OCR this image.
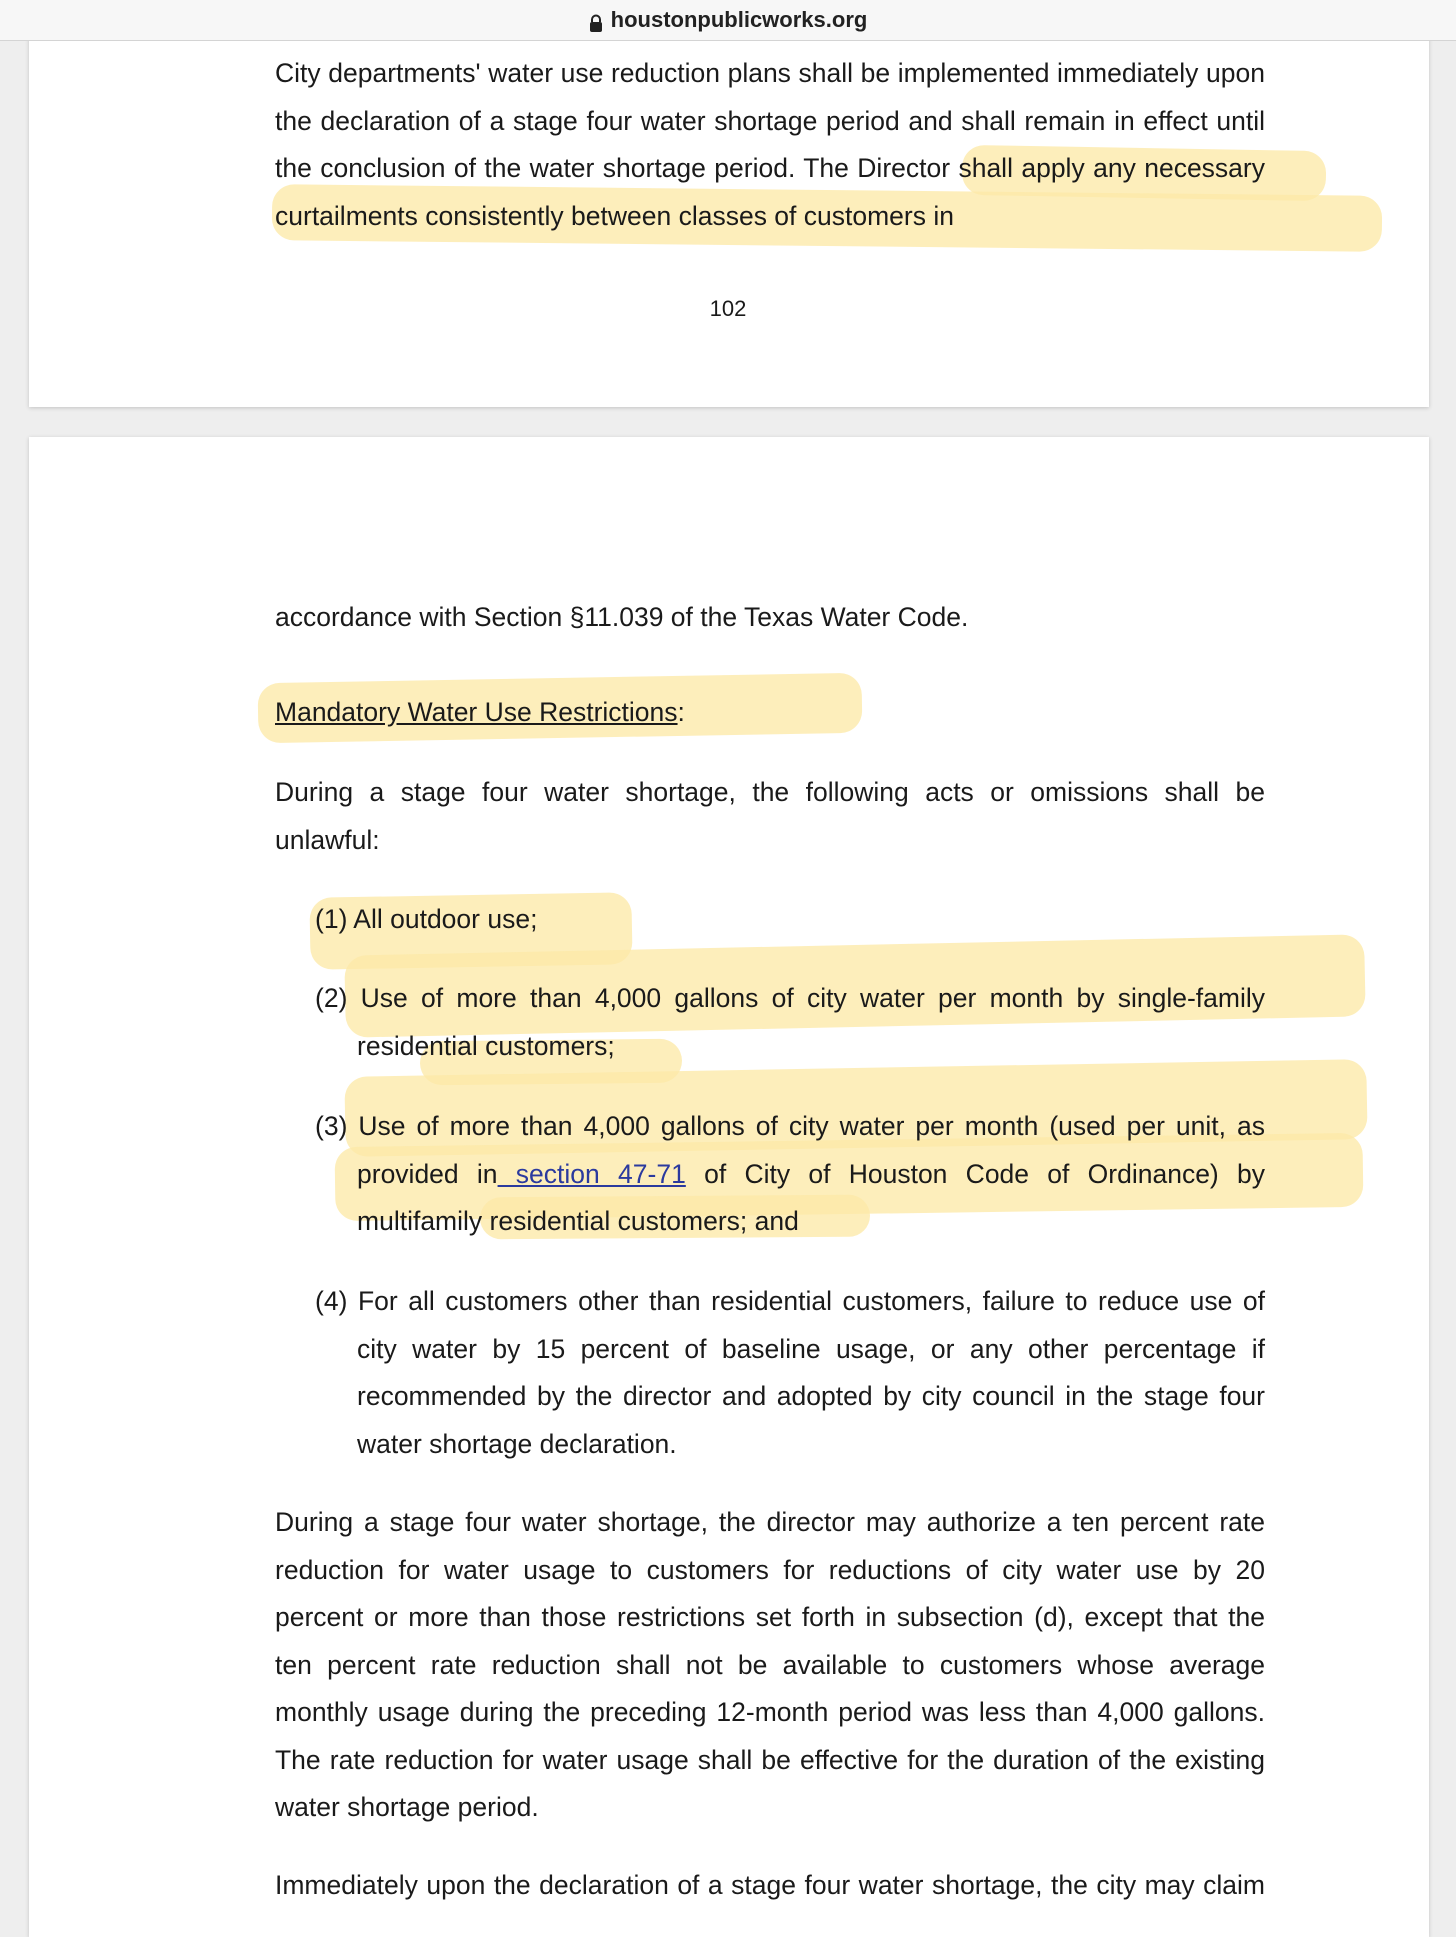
houstonpublicworks.org

City departments' water use reduction plans shall be implemented immediately upon the declaration of a stage four water shortage period and shall remain in effect until the conclusion of the water shortage period. The Director shall apply any necessary curtailments consistently between classes of customers in

102

accordance with Section §11.039 of the Texas Water Code.

Mandatory Water Use Restrictions:

During a stage four water shortage, the following acts or omissions shall be unlawful:

(1) All outdoor use;

(2) Use of more than 4,000 gallons of city water per month by single-family residential customers;

(3) Use of more than 4,000 gallons of city water per month (used per unit, as provided in section 47-71 of City of Houston Code of Ordinance) by multifamily residential customers; and

(4) For all customers other than residential customers, failure to reduce use of city water by 15 percent of baseline usage, or any other percentage if recommended by the director and adopted by city council in the stage four water shortage declaration.

During a stage four water shortage, the director may authorize a ten percent rate reduction for water usage to customers for reductions of city water use by 20 percent or more than those restrictions set forth in subsection (d), except that the ten percent rate reduction shall not be available to customers whose average monthly usage during the preceding 12-month period was less than 4,000 gallons. The rate reduction for water usage shall be effective for the duration of the existing water shortage period.

Immediately upon the declaration of a stage four water shortage, the city may claim
